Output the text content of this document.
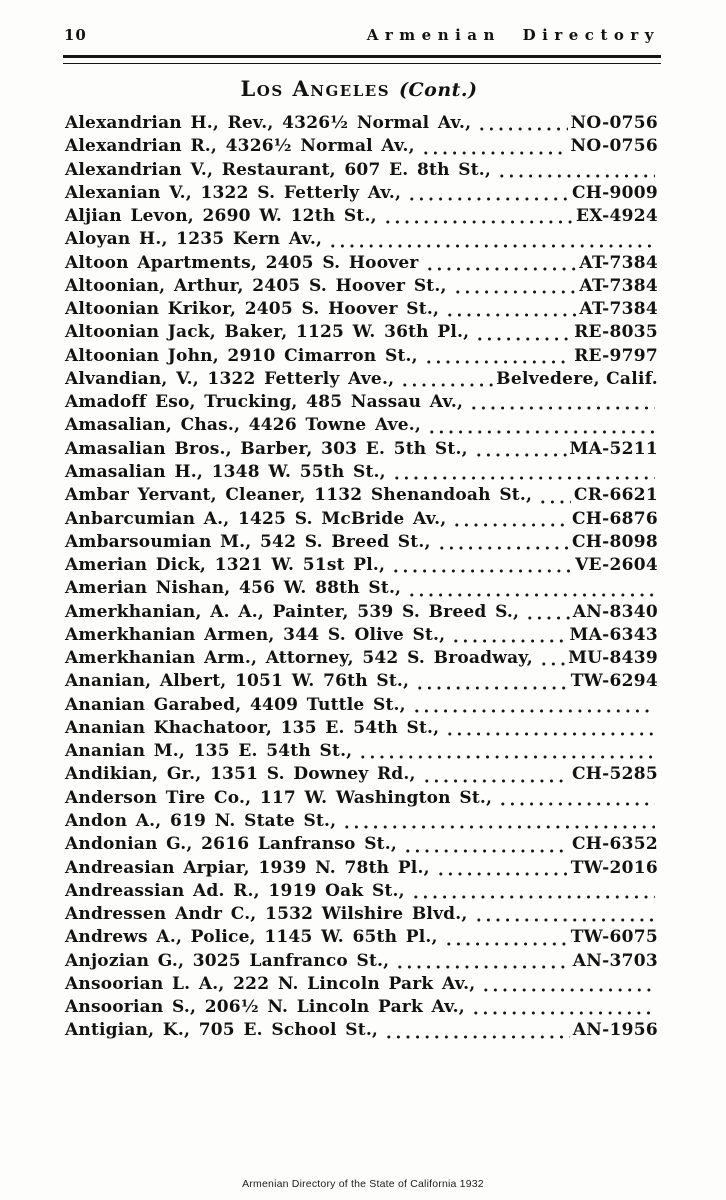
10	Armenian Directory
Los Angeles (Cont.)
Alexandrian H., Rev., 4326½ Normal Av.,	NO-0756
Alexandrian R., 4326½ Normal Av.,	NO-0756
Alexandrian V., Restaurant, 607 E. 8th St.,
Alexanian V., 1322 S. Fetterly Av.,	CH-9009
Aljian Levon, 2690 W. 12th St.,	EX-4924
Aloyan H., 1235 Kern Av.,
Altoon Apartments, 2405 S. Hoover	AT-7384
Altoonian, Arthur, 2405 S. Hoover St.,	AT-7384
Altoonian Krikor, 2405 S. Hoover St.,	AT-7384
Altoonian Jack, Baker, 1125 W. 36th Pl.,	RE-8035
Altoonian John, 2910 Cimarron St.,	RE-9797
Alvandian, V., 1322 Fetterly Ave.,	Belvedere, Calif.
Amadoff Eso, Trucking, 485 Nassau Av.,
Amasalian, Chas., 4426 Towne Ave.,
Amasalian Bros., Barber, 303 E. 5th St.,	MA-5211
Amasalian H., 1348 W. 55th St.,
Ambar Yervant, Cleaner, 1132 Shenandoah St., CR-6621
Anbarcumian A., 1425 S. McBride Av.,	CH-6876
Ambarsoumian M., 542 S. Breed St.,	CH-8098
Amerian Dick, 1321 W. 51st Pl.,	VE-2604
Amerian Nishan, 456 W. 88th St.,
Amerkhanian, A. A., Painter, 539 S. Breed S.,	AN-8340
Amerkhanian Armen, 344 S. Olive St.,	MA-6343
Amerkhanian Arm., Attorney, 542 S. Broadway, MU-8439
Ananian, Albert, 1051 W. 76th St.,	TW-6294
Ananian Garabed, 4409 Tuttle St.,
Ananian Khachatoor, 135 E. 54th St.,
Ananian M., 135 E. 54th St.,
Andikian, Gr., 1351 S. Downey Rd.,	CH-5285
Anderson Tire Co., 117 W. Washington St.,
Andon A., 619 N. State St.,
Andonian G., 2616 Lanfranso St.,	CH-6352
Andreasian Arpiar, 1939 N. 78th Pl.,	TW-2016
Andreassian Ad. R., 1919 Oak St.,
Andressen Andr C., 1532 Wilshire Blvd.,
Andrews A., Police, 1145 W. 65th Pl.,	TW-6075
Anjozian G., 3025 Lanfranco St.,	AN-3703
Ansoorian L. A., 222 N. Lincoln Park Av.,
Ansoorian S., 206½ N. Lincoln Park Av.,
Antigian, K., 705 E. School St.,	AN-1956
Armenian Directory of the State of California 1932
